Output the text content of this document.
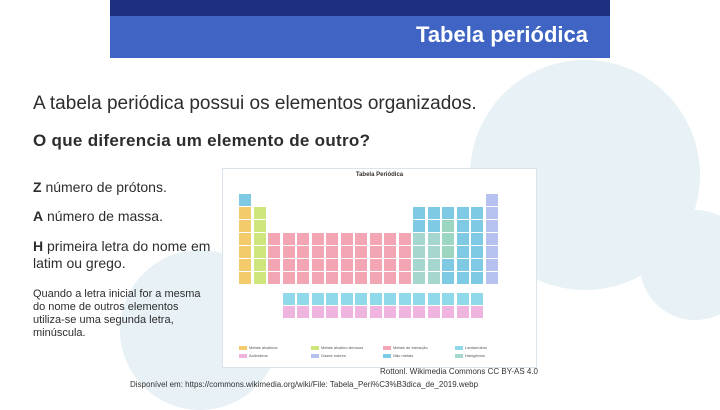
Tabela periódica
A tabela periódica possui os elementos organizados.
O que diferencia um elemento de outro?
Z número de prótons.
A número de massa.
H primeira letra do nome em latim ou grego.
Quando a letra inicial for a mesma do nome de outros elementos utiliza-se uma segunda letra, minúscula.
Tabela Periódica
Metais alcalinos	Metais alcalino-terrosos	Metais de transição	Lantanídeos
Actinídeos	Gases nobres	Não metais	Halogênios
Rottonl. Wikimedia Commons CC BY-AS 4.0
Disponível em: https://commons.wikimedia.org/wiki/File: Tabela_Peri%C3%B3dica_de_2019.webp
